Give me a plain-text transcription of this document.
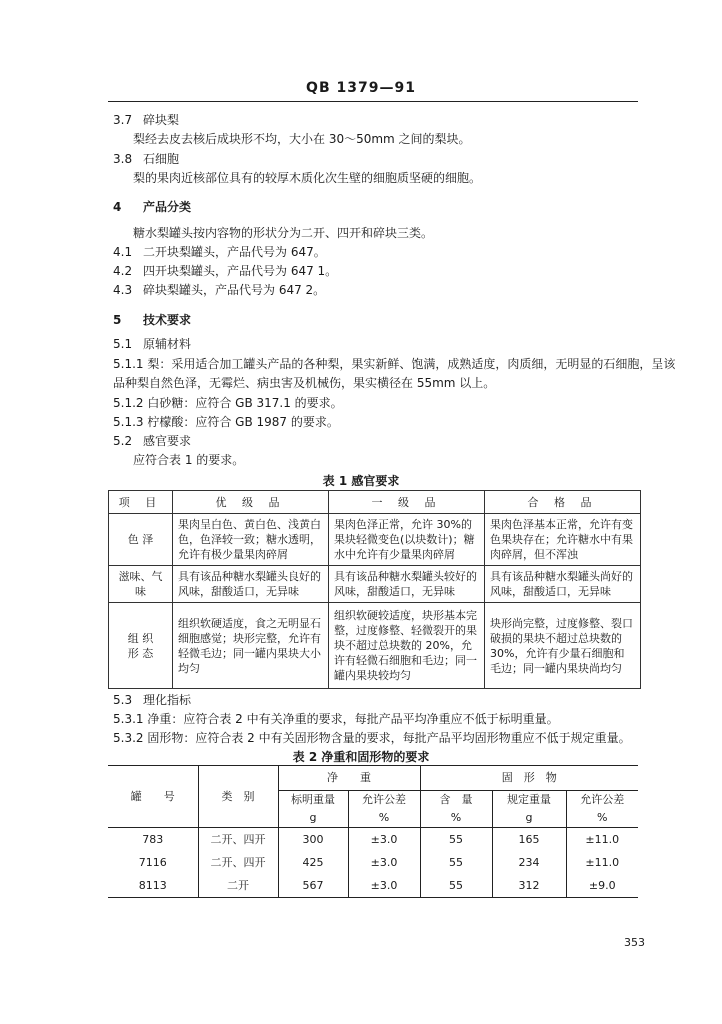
QB 1379—91
3.7 碎块梨
梨经去皮去核后成块形不均，大小在 30～50mm 之间的梨块。
3.8 石细胞
梨的果肉近核部位具有的较厚木质化次生壁的细胞质坚硬的细胞。
4 产品分类
糖水梨罐头按内容物的形状分为二开、四开和碎块三类。
4.1 二开块梨罐头，产品代号为 647。
4.2 四开块梨罐头，产品代号为 647 1。
4.3 碎块梨罐头，产品代号为 647 2。
5 技术要求
5.1 原辅材料
5.1.1 梨：采用适合加工罐头产品的各种梨，果实新鲜、饱满，成熟适度，肉质细，无明显的石细胞，呈该
品种梨自然色泽，无霉烂、病虫害及机械伤，果实横径在 55mm 以上。
5.1.2 白砂糖：应符合 GB 317.1 的要求。
5.1.3 柠檬酸：应符合 GB 1987 的要求。
5.2 感官要求
应符合表 1 的要求。
表 1 感官要求
项 目	优 级 品	一 级 品	合 格 品
色 泽	果肉呈白色、黄白色、浅黄白色，色泽较一致；糖水透明，允许有极少量果肉碎屑	果肉色泽正常，允许 30%的果块轻微变色(以块数计)；糖水中允许有少量果肉碎屑	果肉色泽基本正常，允许有变色果块存在；允许糖水中有果肉碎屑，但不浑浊
滋味、气味	具有该品种糖水梨罐头良好的风味，甜酸适口，无异味	具有该品种糖水梨罐头较好的风味，甜酸适口，无异味	具有该品种糖水梨罐头尚好的风味，甜酸适口，无异味
组 织
形 态	组织软硬适度，食之无明显石细胞感觉；块形完整，允许有轻微毛边；同一罐内果块大小均匀	组织软硬较适度，块形基本完整，过度修整、轻微裂开的果块不超过总块数的 20%，允许有轻微石细胞和毛边；同一罐内果块较均匀	块形尚完整，过度修整、裂口破损的果块不超过总块数的 30%，允许有少量石细胞和毛边；同一罐内果块尚均匀
5.3 理化指标
5.3.1 净重：应符合表 2 中有关净重的要求，每批产品平均净重应不低于标明重量。
5.3.2 固形物：应符合表 2 中有关固形物含量的要求，每批产品平均固形物重应不低于规定重量。
表 2 净重和固形物的要求
罐　　号	类　别	净　　重		固　形　物		
		标明重量	允许公差	含　量	规定重量	允许公差
		g	%	%	g	%
783	二开、四开	300	±3.0	55	165	±11.0
7116	二开、四开	425	±3.0	55	234	±11.0
8113	二开	567	±3.0	55	312	±9.0
353
